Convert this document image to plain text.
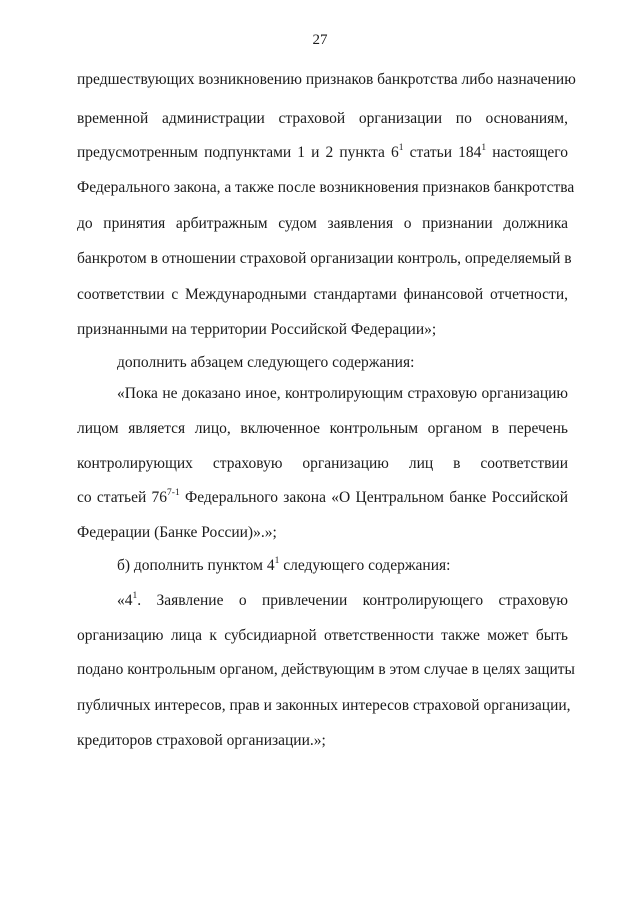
27
предшествующих возникновению признаков банкротства либо назначению
временной администрации страховой организации по основаниям,
предусмотренным подпунктами 1 и 2 пункта $6^1$ статьи $184^1$ настоящего
Федерального закона, а также после возникновения признаков банкротства
до принятия арбитражным судом заявления о признании должника
банкротом в отношении страховой организации контроль, определяемый в
соответствии с Международными стандартами финансовой отчетности,
признанными на территории Российской Федерации»;
дополнить абзацем следующего содержания:
«Пока не доказано иное, контролирующим страховую организацию
лицом является лицо, включенное контрольным органом в перечень
контролирующих страховую организацию лиц в соответствии
со статьей 76$^{7-1}$ Федерального закона «О Центральном банке Российской
Федерации (Банке России)».»;
б) дополнить пунктом $4^1$ следующего содержания:
«$4^1$. Заявление о привлечении контролирующего страховую
организацию лица к субсидиарной ответственности также может быть
подано контрольным органом, действующим в этом случае в целях защиты
публичных интересов, прав и законных интересов страховой организации,
кредиторов страховой организации.»;
